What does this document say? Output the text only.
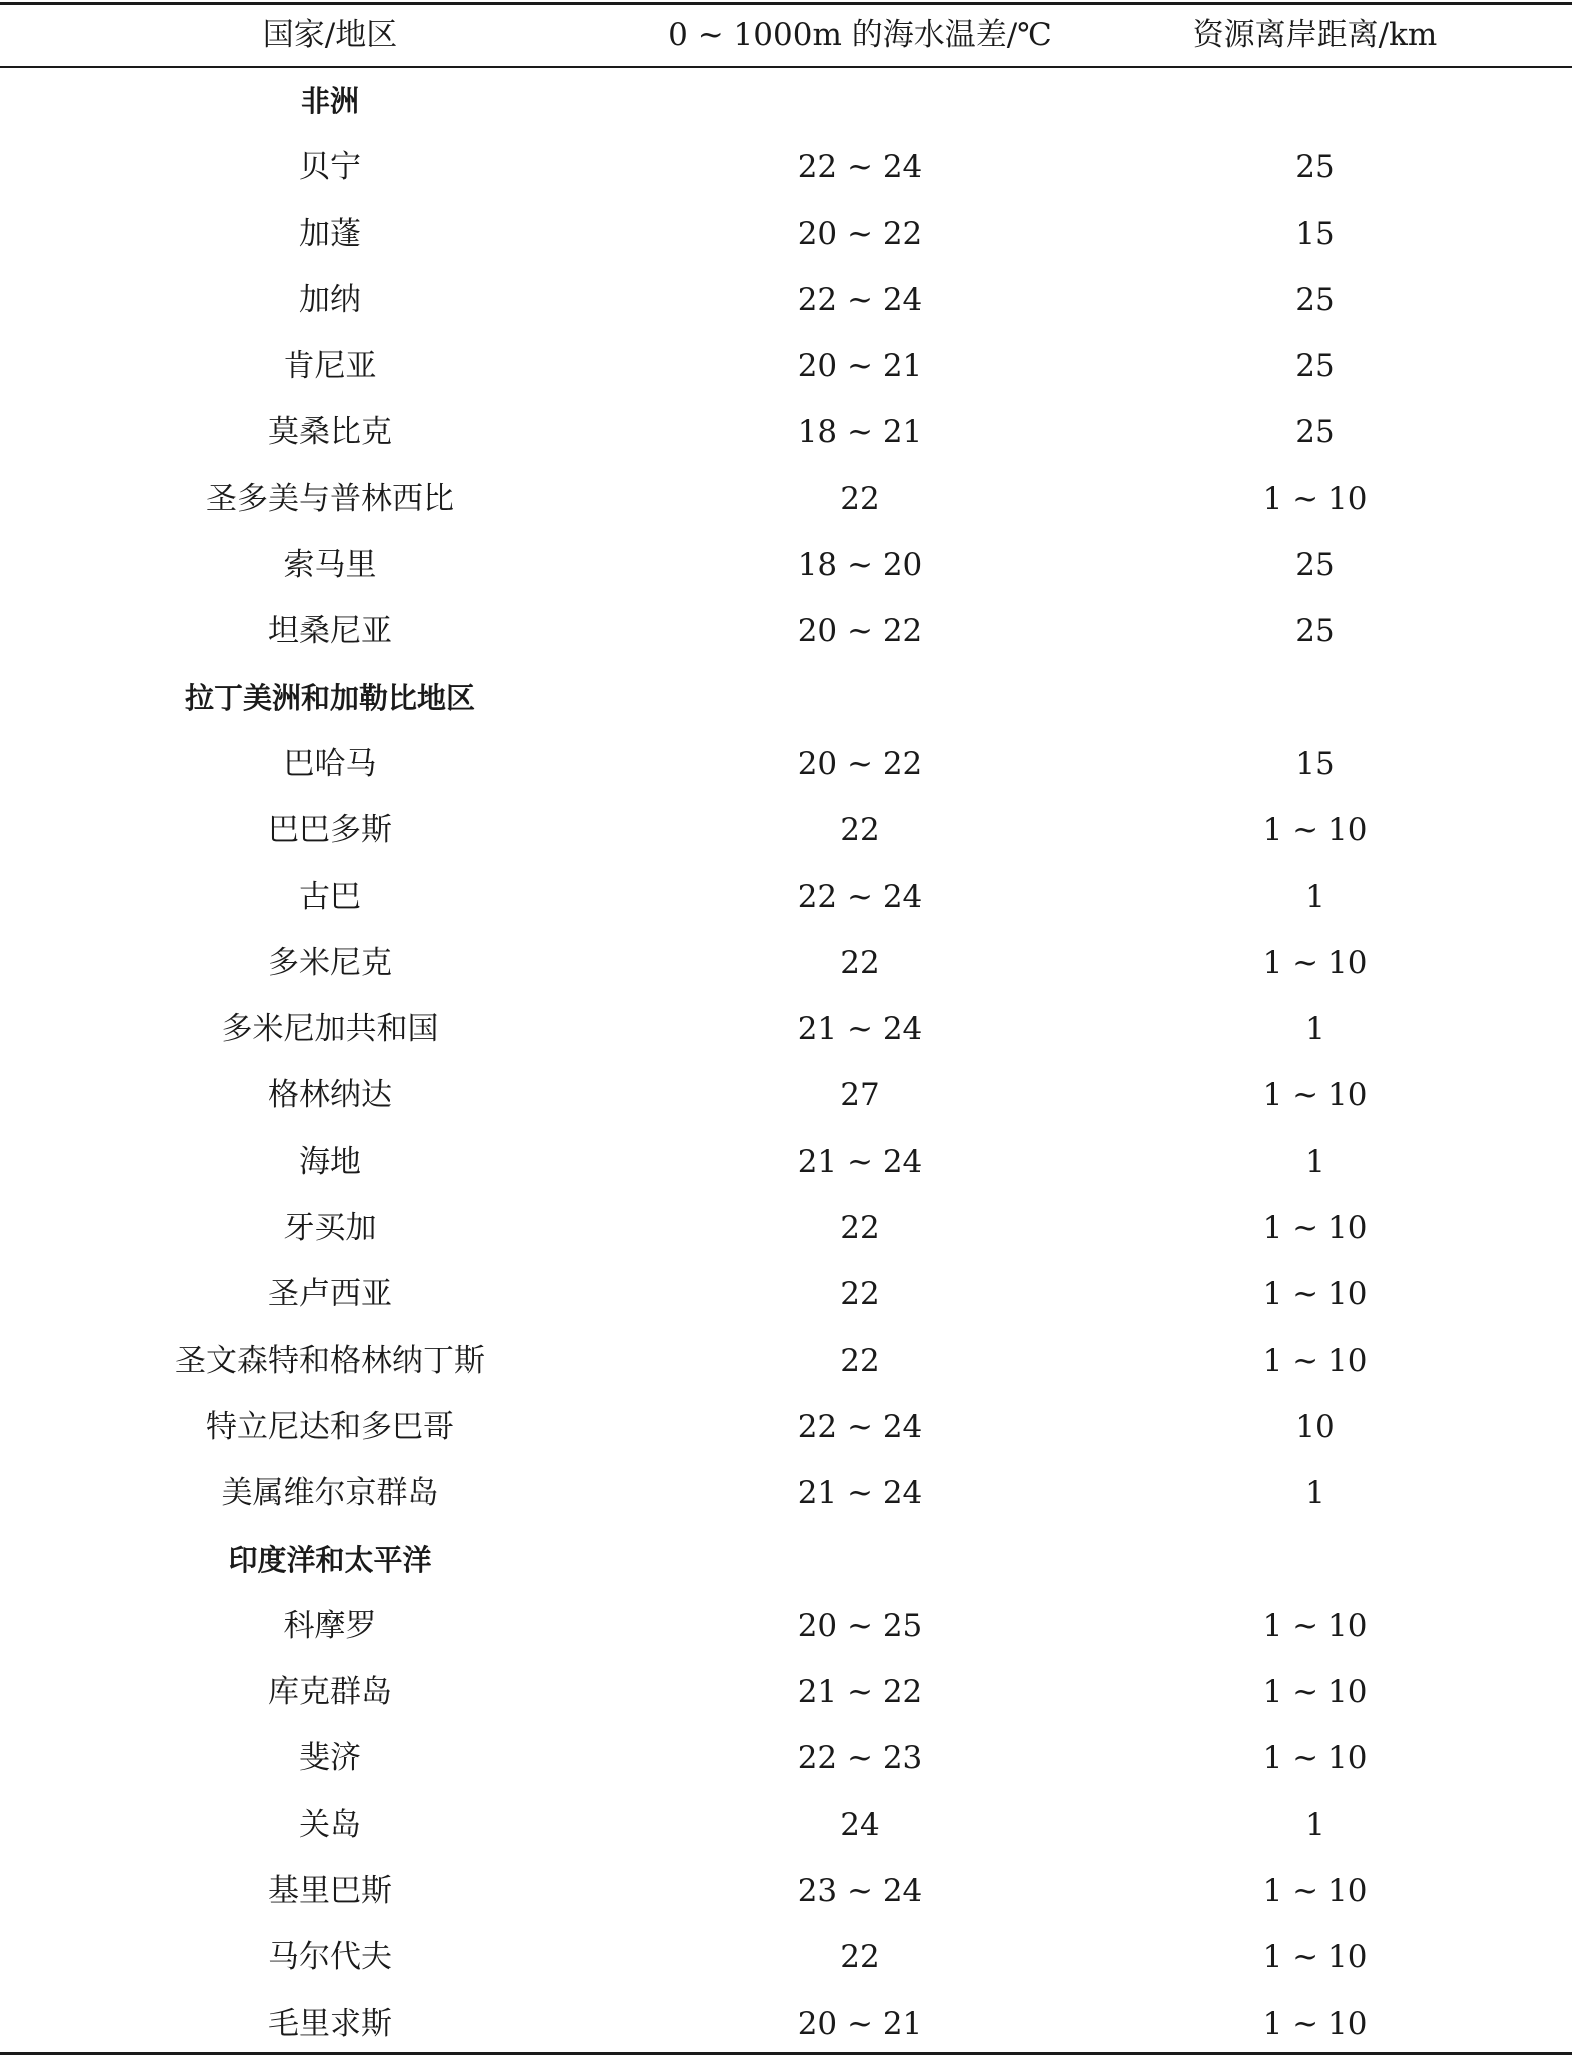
国家/地区	0 ~ 1000m 的海水温差/℃	资源离岸距离/km
非洲
贝宁	22 ~ 24	25
加蓬	20 ~ 22	15
加纳	22 ~ 24	25
肯尼亚	20 ~ 21	25
莫桑比克	18 ~ 21	25
圣多美与普林西比	22	1 ~ 10
索马里	18 ~ 20	25
坦桑尼亚	20 ~ 22	25
拉丁美洲和加勒比地区
巴哈马	20 ~ 22	15
巴巴多斯	22	1 ~ 10
古巴	22 ~ 24	1
多米尼克	22	1 ~ 10
多米尼加共和国	21 ~ 24	1
格林纳达	27	1 ~ 10
海地	21 ~ 24	1
牙买加	22	1 ~ 10
圣卢西亚	22	1 ~ 10
圣文森特和格林纳丁斯	22	1 ~ 10
特立尼达和多巴哥	22 ~ 24	10
美属维尔京群岛	21 ~ 24	1
印度洋和太平洋
科摩罗	20 ~ 25	1 ~ 10
库克群岛	21 ~ 22	1 ~ 10
斐济	22 ~ 23	1 ~ 10
关岛	24	1
基里巴斯	23 ~ 24	1 ~ 10
马尔代夫	22	1 ~ 10
毛里求斯	20 ~ 21	1 ~ 10
